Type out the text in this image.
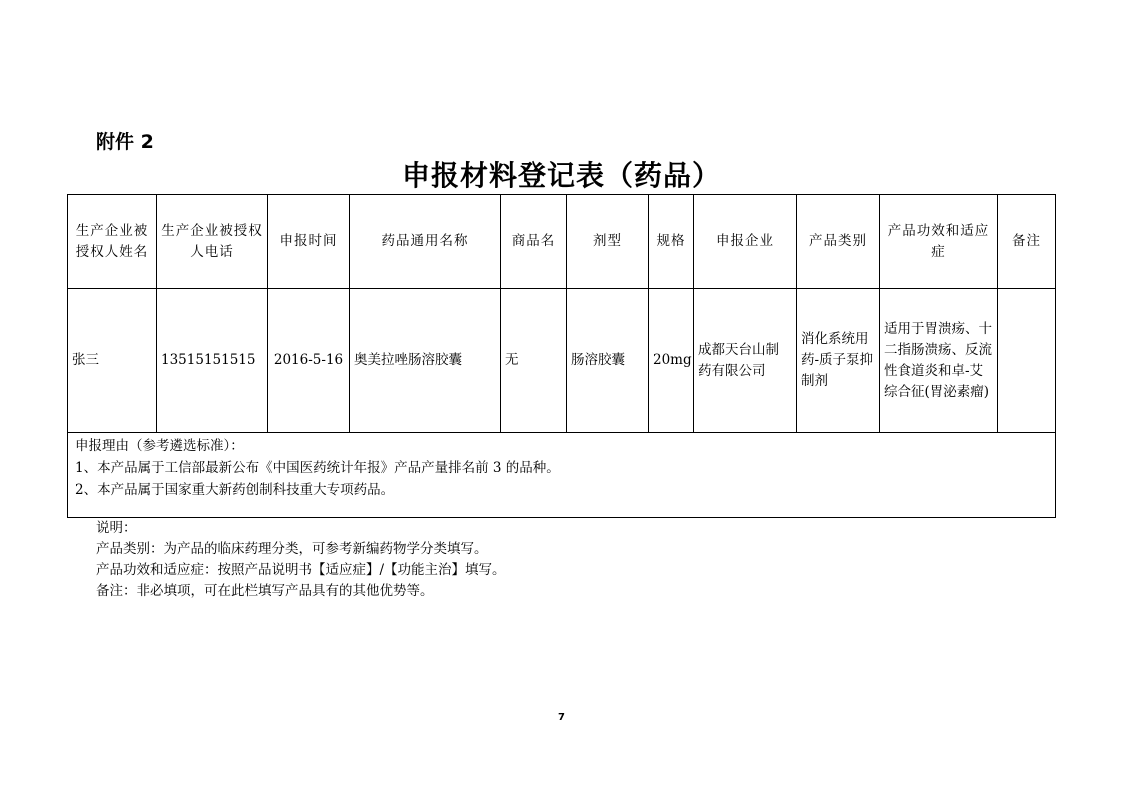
附件 2
申报材料登记表（药品）
生产企业被授权人姓名	生产企业被授权人电话	申报时间	药品通用名称	商品名	剂型	规格	申报企业	产品类别	产品功效和适应症	备注
张三	13515151515	2016-5-16	奥美拉唑肠溶胶囊	无	肠溶胶囊	20mg	成都天台山制药有限公司	消化系统用药-质子泵抑制剂	适用于胃溃疡、十二指肠溃疡、反流性食道炎和卓-艾综合征(胃泌素瘤)	

申报理由（参考遴选标准）：
1、本产品属于工信部最新公布《中国医药统计年报》产品产量排名前 3 的品种。
2、本产品属于国家重大新药创制科技重大专项药品。										
说明：
产品类别：为产品的临床药理分类，可参考新编药物学分类填写。
产品功效和适应症：按照产品说明书【适应症】/【功能主治】填写。
备注：非必填项，可在此栏填写产品具有的其他优势等。
7
